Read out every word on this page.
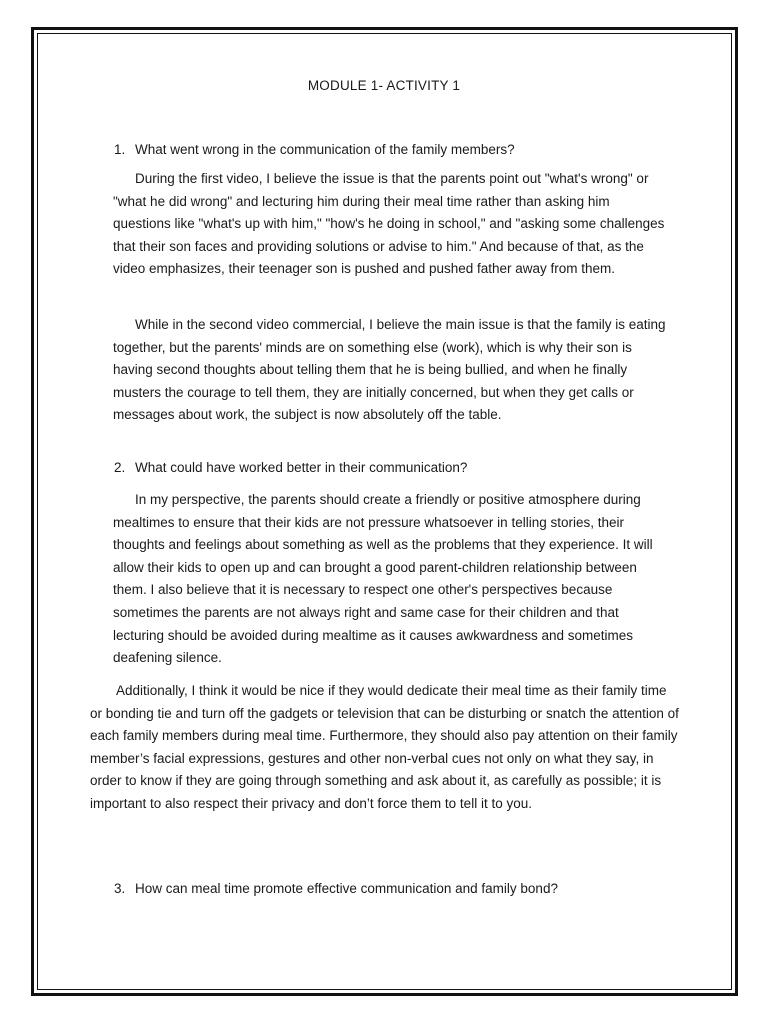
MODULE 1- ACTIVITY 1
1. What went wrong in the communication of the family members?

During the first video, I believe the issue is that the parents point out "what's wrong" or "what he did wrong" and lecturing him during their meal time rather than asking him questions like "what's up with him," "how's he doing in school," and "asking some challenges that their son faces and providing solutions or advise to him." And because of that, as the video emphasizes, their teenager son is pushed and pushed father away from them.

While in the second video commercial, I believe the main issue is that the family is eating together, but the parents' minds are on something else (work), which is why their son is having second thoughts about telling them that he is being bullied, and when he finally musters the courage to tell them, they are initially concerned, but when they get calls or messages about work, the subject is now absolutely off the table.

2. What could have worked better in their communication?

In my perspective, the parents should create a friendly or positive atmosphere during mealtimes to ensure that their kids are not pressure whatsoever in telling stories, their thoughts and feelings about something as well as the problems that they experience. It will allow their kids to open up and can brought a good parent-children relationship between them. I also believe that it is necessary to respect one other's perspectives because sometimes the parents are not always right and same case for their children and that lecturing should be avoided during mealtime as it causes awkwardness and sometimes deafening silence.

Additionally, I think it would be nice if they would dedicate their meal time as their family time or bonding tie and turn off the gadgets or television that can be disturbing or snatch the attention of each family members during meal time. Furthermore, they should also pay attention on their family member’s facial expressions, gestures and other non-verbal cues not only on what they say, in order to know if they are going through something and ask about it, as carefully as possible; it is important to also respect their privacy and don’t force them to tell it to you.

3. How can meal time promote effective communication and family bond?
